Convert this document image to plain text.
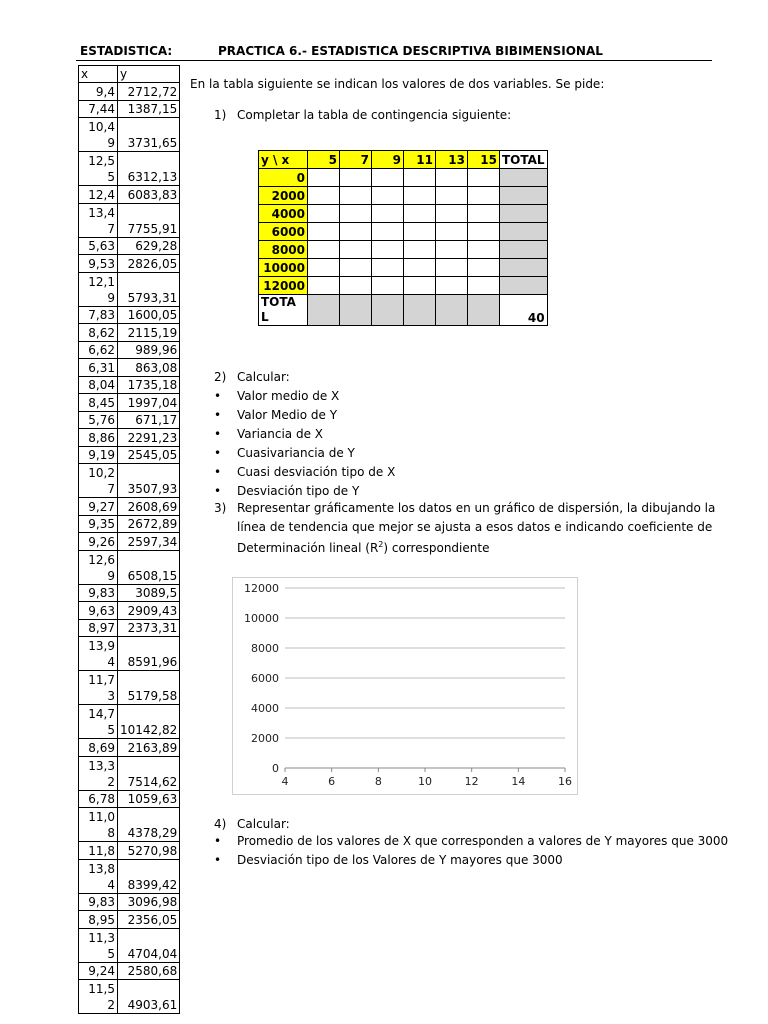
ESTADISTICA:	PRACTICA 6.- ESTADISTICA DESCRIPTIVA BIBIMENSIONAL
x	y
9,4	2712,72
7,44	1387,15
10,4
9	3731,65
12,5
5	6312,13
12,4	6083,83
13,4
7	7755,91
5,63	629,28
9,53	2826,05
12,1
9	5793,31
7,83	1600,05
8,62	2115,19
6,62	989,96
6,31	863,08
8,04	1735,18
8,45	1997,04
5,76	671,17
8,86	2291,23
9,19	2545,05
10,2
7	3507,93
9,27	2608,69
9,35	2672,89
9,26	2597,34
12,6
9	6508,15
9,83	3089,5
9,63	2909,43
8,97	2373,31
13,9
4	8591,96
11,7
3	5179,58
14,7
5	10142,82
8,69	2163,89
13,3
2	7514,62
6,78	1059,63
11,0
8	4378,29
11,8	5270,98
13,8
4	8399,42
9,83	3096,98
8,95	2356,05
11,3
5	4704,04
9,24	2580,68
11,5
2	4903,61
En la tabla siguiente se indican los valores de dos variables. Se pide:
1) Completar la tabla de contingencia siguiente:
y \ x	5	7	9	11	13	15	TOTAL
0							
2000							
4000							
6000							
8000							
10000							
12000							
TOTA
L							40
2) Calcular:
• Valor medio de X
• Valor Medio de Y
• Variancia de X
• Cuasivariancia de Y
• Cuasi desviación tipo de X
• Desviación tipo de Y
3) Representar gráficamente los datos en un gráfico de dispersión, la dibujando la
línea de tendencia que mejor se ajusta a esos datos e indicando coeficiente de
Determinación lineal $(R^2)$ correspondiente
0
2000
4000
6000
8000
10000
12000
4	6	8	10	12	14	16
4) Calcular:
• Promedio de los valores de X que corresponden a valores de Y mayores que 3000
• Desviación tipo de los Valores de Y mayores que 3000
